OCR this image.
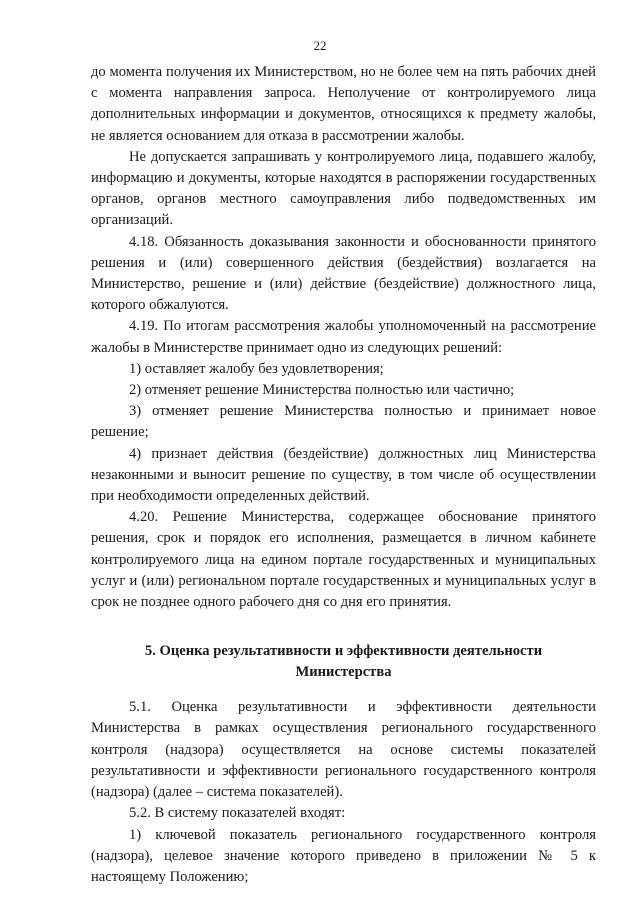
22

до момента получения их Министерством, но не более чем на пять рабочих дней с момента направления запроса. Неполучение от контролируемого лица дополнительных информации и документов, относящихся к предмету жалобы, не является основанием для отказа в рассмотрении жалобы.

Не допускается запрашивать у контролируемого лица, подавшего жалобу, информацию и документы, которые находятся в распоряжении государственных органов, органов местного самоуправления либо подведомственных им организаций.

4.18. Обязанность доказывания законности и обоснованности принятого решения и (или) совершенного действия (бездействия) возлагается на Министерство, решение и (или) действие (бездействие) должностного лица, которого обжалуются.

4.19. По итогам рассмотрения жалобы уполномоченный на рассмотрение жалобы в Министерстве принимает одно из следующих решений:

1) оставляет жалобу без удовлетворения;

2) отменяет решение Министерства полностью или частично;

3) отменяет решение Министерства полностью и принимает новое решение;

4) признает действия (бездействие) должностных лиц Министерства незаконными и выносит решение по существу, в том числе об осуществлении при необходимости определенных действий.

4.20. Решение Министерства, содержащее обоснование принятого решения, срок и порядок его исполнения, размещается в личном кабинете контролируемого лица на едином портале государственных и муниципальных услуг и (или) региональном портале государственных и муниципальных услуг в срок не позднее одного рабочего дня со дня его принятия.

5. Оценка результативности и эффективности деятельности
Министерства

5.1. Оценка результативности и эффективности деятельности Министерства в рамках осуществления регионального государственного контроля (надзора) осуществляется на основе системы показателей результативности и эффективности регионального государственного контроля (надзора) (далее – система показателей).

5.2. В систему показателей входят:

1) ключевой показатель регионального государственного контроля (надзора), целевое значение которого приведено в приложении № 5 к настоящему Положению;
